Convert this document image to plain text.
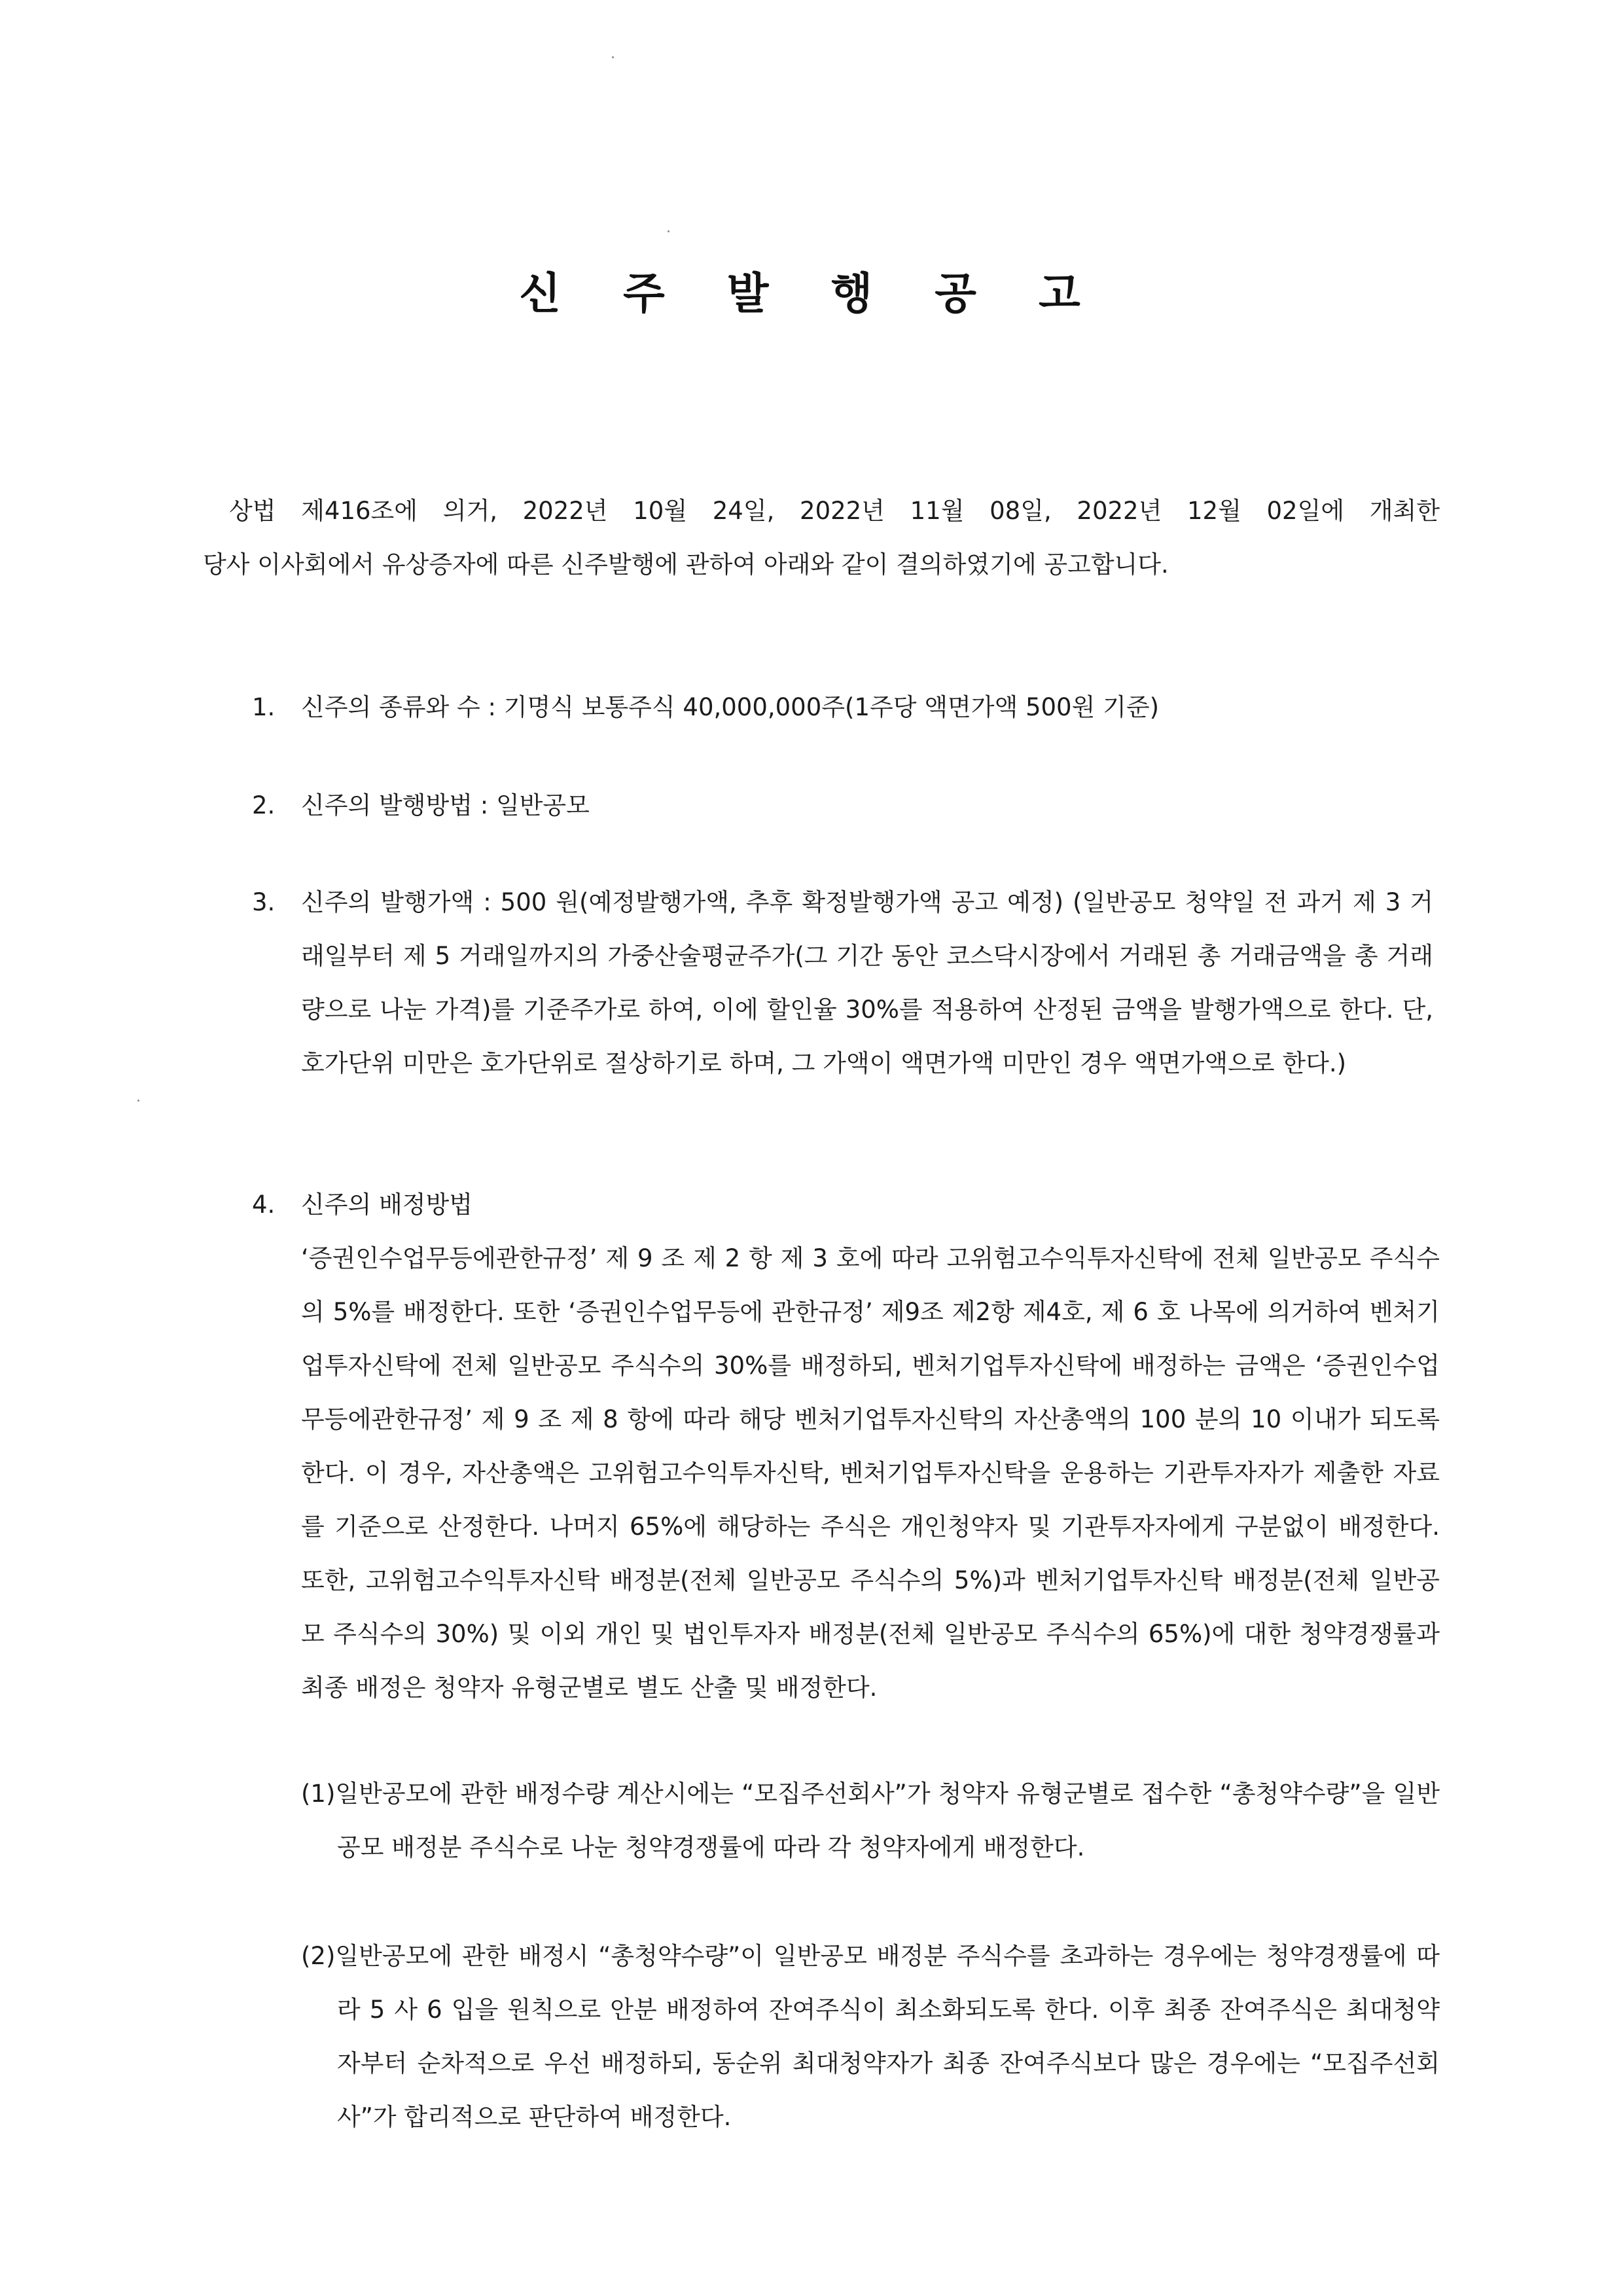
신 주 발 행 공 고
상법 제416조에 의거, 2022년 10월 24일, 2022년 11월 08일, 2022년 12월 02일에 개최한
당사 이사회에서 유상증자에 따른 신주발행에 관하여 아래와 같이 결의하였기에 공고합니다.
1. 신주의 종류와 수 : 기명식 보통주식 40,000,000주(1주당 액면가액 500원 기준)
2. 신주의 발행방법 : 일반공모
3. 신주의 발행가액 : 500 원(예정발행가액, 추후 확정발행가액 공고 예정) (일반공모 청약일 전 과거 제 3 거래일부터 제 5 거래일까지의 가중산술평균주가(그 기간 동안 코스닥시장에서 거래된 총 거래금액을 총 거래량으로 나눈 가격)를 기준주가로 하여, 이에 할인율 30%를 적용하여 산정된 금액을 발행가액으로 한다. 단, 호가단위 미만은 호가단위로 절상하기로 하며, 그 가액이 액면가액 미만인 경우 액면가액으로 한다.)
4. 신주의 배정방법

‘증권인수업무등에관한규정’ 제 9 조 제 2 항 제 3 호에 따라 고위험고수익투자신탁에 전체 일반공모 주식수의 5%를 배정한다. 또한 ‘증권인수업무등에 관한규정’ 제9조 제2항 제4호, 제 6 호 나목에 의거하여 벤처기업투자신탁에 전체 일반공모 주식수의 30%를 배정하되, 벤처기업투자신탁에 배정하는 금액은 ‘증권인수업무등에관한규정’ 제 9 조 제 8 항에 따라 해당 벤처기업투자신탁의 자산총액의 100 분의 10 이내가 되도록 한다. 이 경우, 자산총액은 고위험고수익투자신탁, 벤처기업투자신탁을 운용하는 기관투자자가 제출한 자료를 기준으로 산정한다. 나머지 65%에 해당하는 주식은 개인청약자 및 기관투자자에게 구분없이 배정한다. 또한, 고위험고수익투자신탁 배정분(전체 일반공모 주식수의 5%)과 벤처기업투자신탁 배정분(전체 일반공모 주식수의 30%) 및 이외 개인 및 법인투자자 배정분(전체 일반공모 주식수의 65%)에 대한 청약경쟁률과 최종 배정은 청약자 유형군별로 별도 산출 및 배정한다.

(1)일반공모에 관한 배정수량 계산시에는 “모집주선회사”가 청약자 유형군별로 접수한 “총청약수량”을 일반공모 배정분 주식수로 나눈 청약경쟁률에 따라 각 청약자에게 배정한다.

(2)일반공모에 관한 배정시 “총청약수량”이 일반공모 배정분 주식수를 초과하는 경우에는 청약경쟁률에 따라 5 사 6 입을 원칙으로 안분 배정하여 잔여주식이 최소화되도록 한다. 이후 최종 잔여주식은 최대청약자부터 순차적으로 우선 배정하되, 동순위 최대청약자가 최종 잔여주식보다 많은 경우에는 “모집주선회사”가 합리적으로 판단하여 배정한다.
